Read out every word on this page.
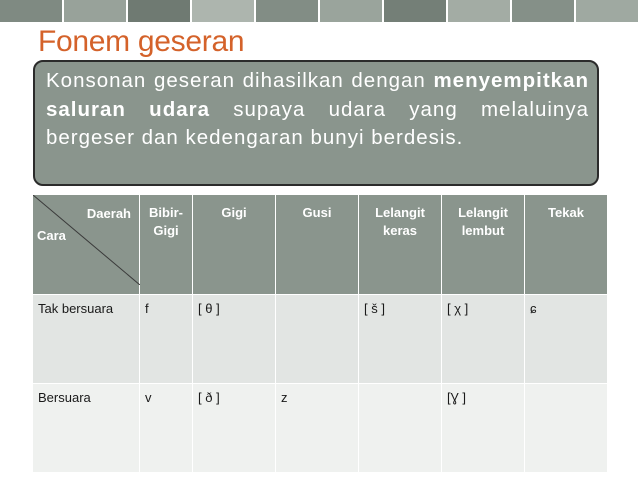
Fonem geseran
Konsonan geseran dihasilkan dengan menyempitkan saluran udara supaya udara yang melaluinya bergeser dan kedengaran bunyi berdesis.
Daerah
Cara	Bibir-Gigi	Gigi	Gusi	Lelangit keras	Lelangit lembut	Tekak
Tak bersuara	f	[ θ ]		[ š ]	[ χ ]	ɕ
Bersuara	v	[ ð ]	z		[Ɣ ]	
